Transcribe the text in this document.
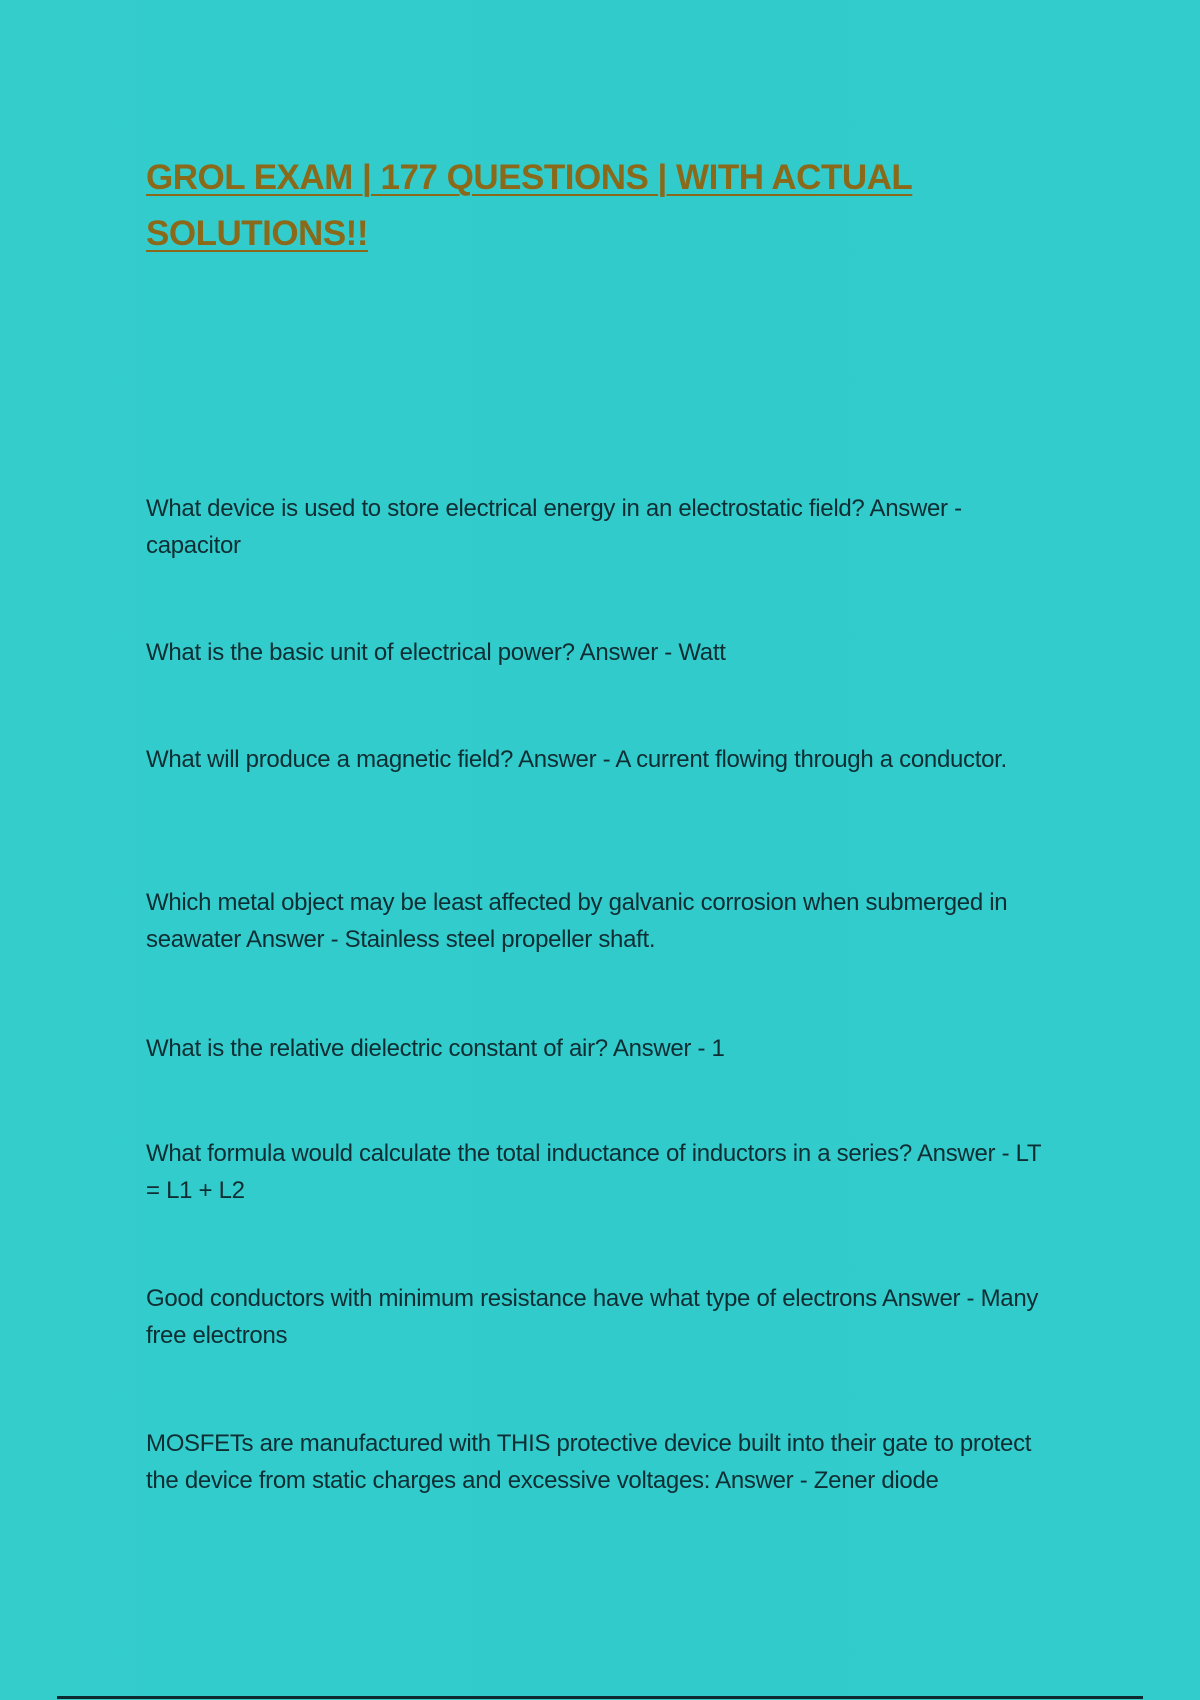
GROL EXAM | 177 QUESTIONS | WITH ACTUAL SOLUTIONS!!

What device is used to store electrical energy in an electrostatic field? Answer - capacitor

What is the basic unit of electrical power? Answer - Watt

What will produce a magnetic field? Answer - A current flowing through a conductor.

Which metal object may be least affected by galvanic corrosion when submerged in seawater Answer - Stainless steel propeller shaft.

What is the relative dielectric constant of air? Answer - 1

What formula would calculate the total inductance of inductors in a series? Answer - LT = L1 + L2

Good conductors with minimum resistance have what type of electrons Answer - Many free electrons

MOSFETs are manufactured with THIS protective device built into their gate to protect the device from static charges and excessive voltages: Answer - Zener diode
